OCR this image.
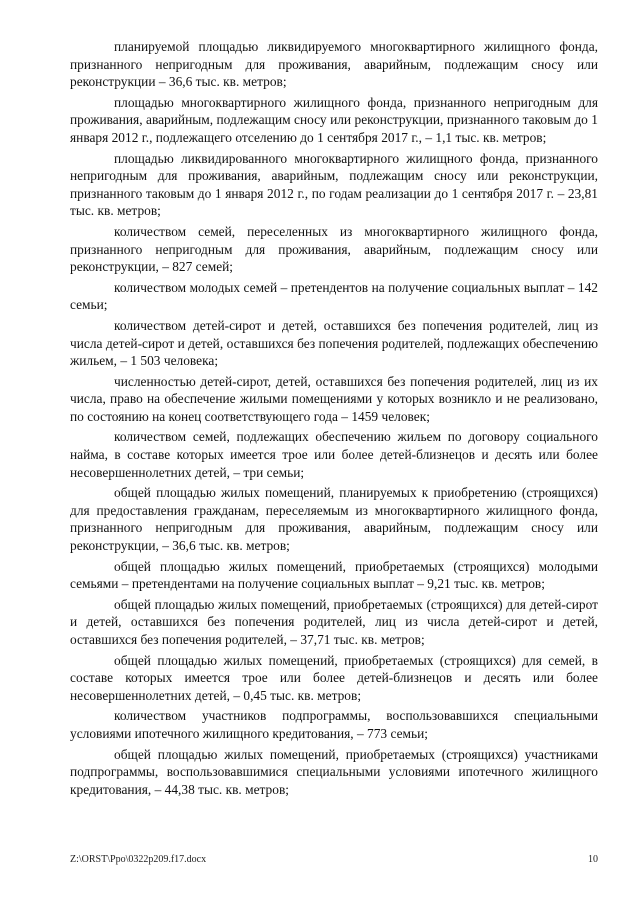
планируемой площадью ликвидируемого многоквартирного жилищного фонда, признанного непригодным для проживания, аварийным, подлежащим сносу или реконструкции – 36,6 тыс. кв. метров;

площадью многоквартирного жилищного фонда, признанного непригодным для проживания, аварийным, подлежащим сносу или реконструкции, признанного таковым до 1 января 2012 г., подлежащего отселению до 1 сентября 2017 г., – 1,1 тыс. кв. метров;

площадью ликвидированного многоквартирного жилищного фонда, признанного непригодным для проживания, аварийным, подлежащим сносу или реконструкции, признанного таковым до 1 января 2012 г., по годам реализации до 1 сентября 2017 г. – 23,81 тыс. кв. метров;

количеством семей, переселенных из многоквартирного жилищного фонда, признанного непригодным для проживания, аварийным, подлежащим сносу или реконструкции, – 827 семей;

количеством молодых семей – претендентов на получение социальных выплат – 142 семьи;

количеством детей-сирот и детей, оставшихся без попечения родителей, лиц из числа детей-сирот и детей, оставшихся без попечения родителей, подлежащих обеспечению жильем, – 1 503 человека;

численностью детей-сирот, детей, оставшихся без попечения родителей, лиц из их числа, право на обеспечение жилыми помещениями у которых возникло и не реализовано, по состоянию на конец соответствующего года – 1459 человек;

количеством семей, подлежащих обеспечению жильем по договору социального найма, в составе которых имеется трое или более детей-близнецов и десять или более несовершеннолетних детей, – три семьи;

общей площадью жилых помещений, планируемых к приобретению (строящихся) для предоставления гражданам, переселяемым из многоквартирного жилищного фонда, признанного непригодным для проживания, аварийным, подлежащим сносу или реконструкции, – 36,6 тыс. кв. метров;

общей площадью жилых помещений, приобретаемых (строящихся) молодыми семьями – претендентами на получение социальных выплат – 9,21 тыс. кв. метров;

общей площадью жилых помещений, приобретаемых (строящихся) для детей-сирот и детей, оставшихся без попечения родителей, лиц из числа детей-сирот и детей, оставшихся без попечения родителей, – 37,71 тыс. кв. метров;

общей площадью жилых помещений, приобретаемых (строящихся) для семей, в составе которых имеется трое или более детей-близнецов и десять или более несовершеннолетних детей, – 0,45 тыс. кв. метров;

количеством участников подпрограммы, воспользовавшихся специальными условиями ипотечного жилищного кредитования, – 773 семьи;

общей площадью жилых помещений, приобретаемых (строящихся) участниками подпрограммы, воспользовавшимися специальными условиями ипотечного жилищного кредитования, – 44,38 тыс. кв. метров;

Z:\ORST\Ppo\0322p209.f17.docx	10
